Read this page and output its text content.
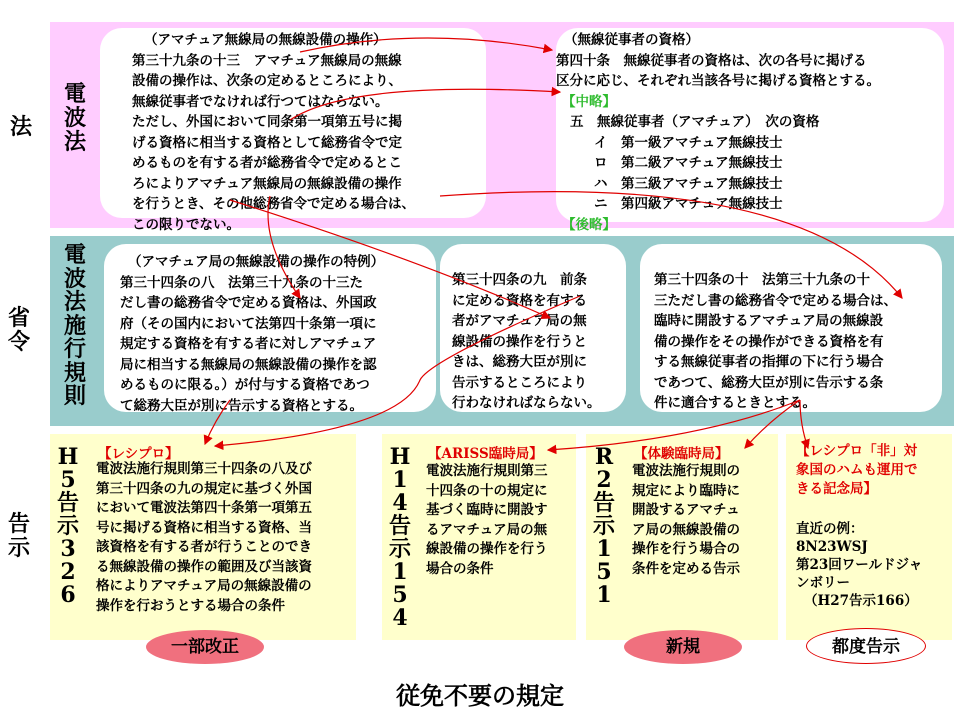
法
省
令
告
示
電
波
法
電
波
法
施
行
規
則
（アマチュア無線局の無線設備の操作）
第三十九条の十三　アマチュア無線局の無線
設備の操作は、次条の定めるところにより、
無線従事者でなければ行つてはならない。
ただし、外国において同条第一項第五号に掲
げる資格に相当する資格として総務省令で定
めるものを有する者が総務省令で定めるとこ
ろによりアマチュア無線局の無線設備の操作
を行うとき、その他総務省令で定める場合は、
この限りでない。
（無線従事者の資格）
第四十条　無線従事者の資格は、次の各号に掲げる
区分に応じ、それぞれ当該各号に掲げる資格とする。
【中略】
五　無線従事者（アマチュア）　次の資格
イ　第一級アマチュア無線技士
ロ　第二級アマチュア無線技士
ハ　第三級アマチュア無線技士
ニ　第四級アマチュア無線技士
【後略】
（アマチュア局の無線設備の操作の特例）
第三十四条の八　法第三十九条の十三た
だし書の総務省令で定める資格は、外国政
府（その国内において法第四十条第一項に
規定する資格を有する者に対しアマチュア
局に相当する無線局の無線設備の操作を認
めるものに限る。）が付与する資格であつ
て総務大臣が別に告示する資格とする。
第三十四条の九　前条
に定める資格を有する
者がアマチュア局の無
線設備の操作を行うと
きは、総務大臣が別に
告示するところにより
行わなければならない。
第三十四条の十　法第三十九条の十
三ただし書の総務省令で定める場合は、
臨時に開設するアマチュア局の無線設
備の操作をその操作ができる資格を有
する無線従事者の指揮の下に行う場合
であつて、総務大臣が別に告示する条
件に適合するときとする。
H
5
告
示
3
2
6
【レシプロ】
電波法施行規則第三十四条の八及び
第三十四条の九の規定に基づく外国
において電波法第四十条第一項第五
号に掲げる資格に相当する資格、当
該資格を有する者が行うことのでき
る無線設備の操作の範囲及び当該資
格によりアマチュア局の無線設備の
操作を行おうとする場合の条件
H
1
4
告
示
1
5
4
【ARISS臨時局】
電波法施行規則第三
十四条の十の規定に
基づく臨時に開設す
るアマチュア局の無
線設備の操作を行う
場合の条件
R
2
告
示
1
5
1
【体験臨時局】
電波法施行規則の
規定により臨時に
開設するアマチュ
ア局の無線設備の
操作を行う場合の
条件を定める告示
【レシプロ「非」対
象国のハムも運用で
きる記念局】
直近の例：
8N23WSJ
第23回ワールドジャ
ンボリー
（H27告示166）
一部改正	新規	都度告示
従免不要の規定
